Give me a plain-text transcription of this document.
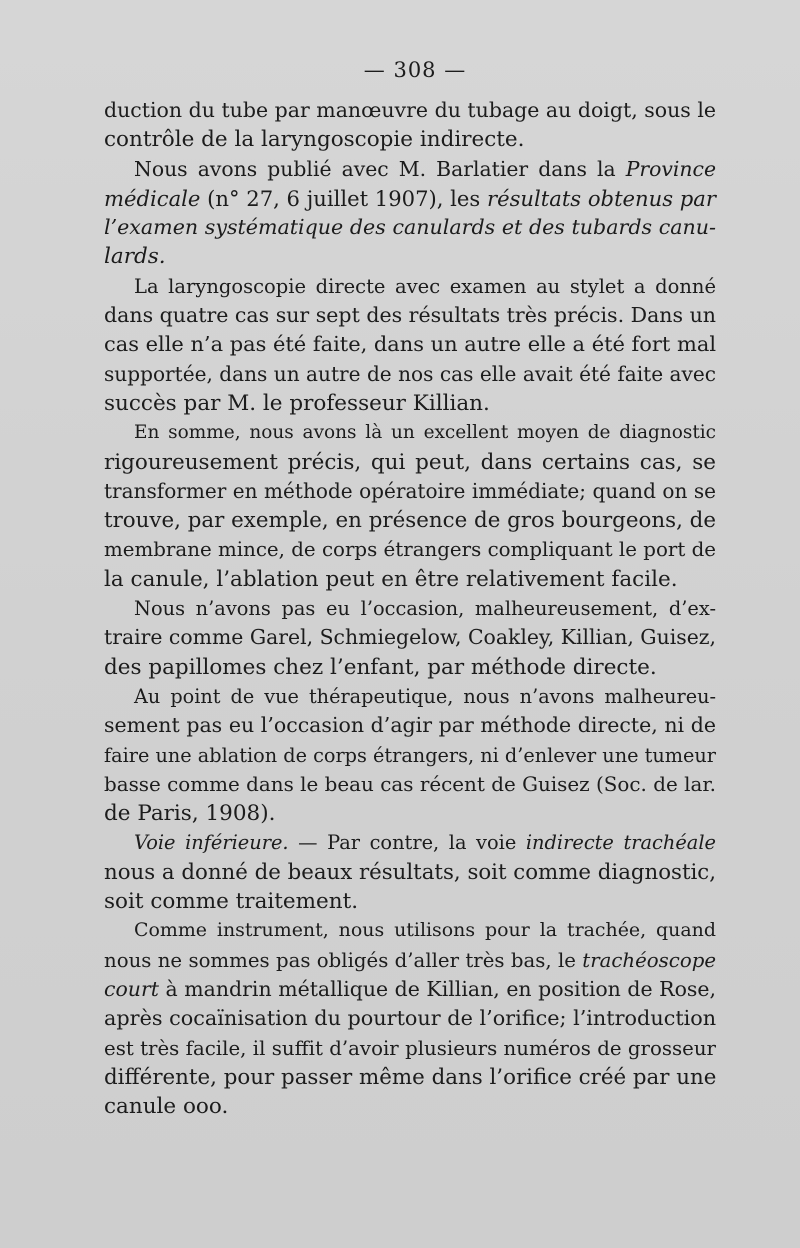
— 308 —
duction du tube par manœuvre du tubage au doigt, sous le
contrôle de la laryngoscopie indirecte.
Nous avons publié avec M. Barlatier dans la Province
médicale (n° 27, 6 juillet 1907), les résultats obtenus par
l’examen systématique des canulards et des tubards canu-
lards.
La laryngoscopie directe avec examen au stylet a donné
dans quatre cas sur sept des résultats très précis. Dans un
cas elle n’a pas été faite, dans un autre elle a été fort mal
supportée, dans un autre de nos cas elle avait été faite avec
succès par M. le professeur Killian.
En somme, nous avons là un excellent moyen de diagnostic
rigoureusement précis, qui peut, dans certains cas, se
transformer en méthode opératoire immédiate; quand on se
trouve, par exemple, en présence de gros bourgeons, de
membrane mince, de corps étrangers compliquant le port de
la canule, l’ablation peut en être relativement facile.
Nous n’avons pas eu l’occasion, malheureusement, d’ex-
traire comme Garel, Schmiegelow, Coakley, Killian, Guisez,
des papillomes chez l’enfant, par méthode directe.
Au point de vue thérapeutique, nous n’avons malheureu-
sement pas eu l’occasion d’agir par méthode directe, ni de
faire une ablation de corps étrangers, ni d’enlever une tumeur
basse comme dans le beau cas récent de Guisez (Soc. de lar.
de Paris, 1908).
Voie inférieure. — Par contre, la voie indirecte trachéale
nous a donné de beaux résultats, soit comme diagnostic,
soit comme traitement.
Comme instrument, nous utilisons pour la trachée, quand
nous ne sommes pas obligés d’aller très bas, le trachéoscope
court à mandrin métallique de Killian, en position de Rose,
après cocaïnisation du pourtour de l’orifice; l’introduction
est très facile, il suffit d’avoir plusieurs numéros de grosseur
différente, pour passer même dans l’orifice créé par une
canule ooo.
